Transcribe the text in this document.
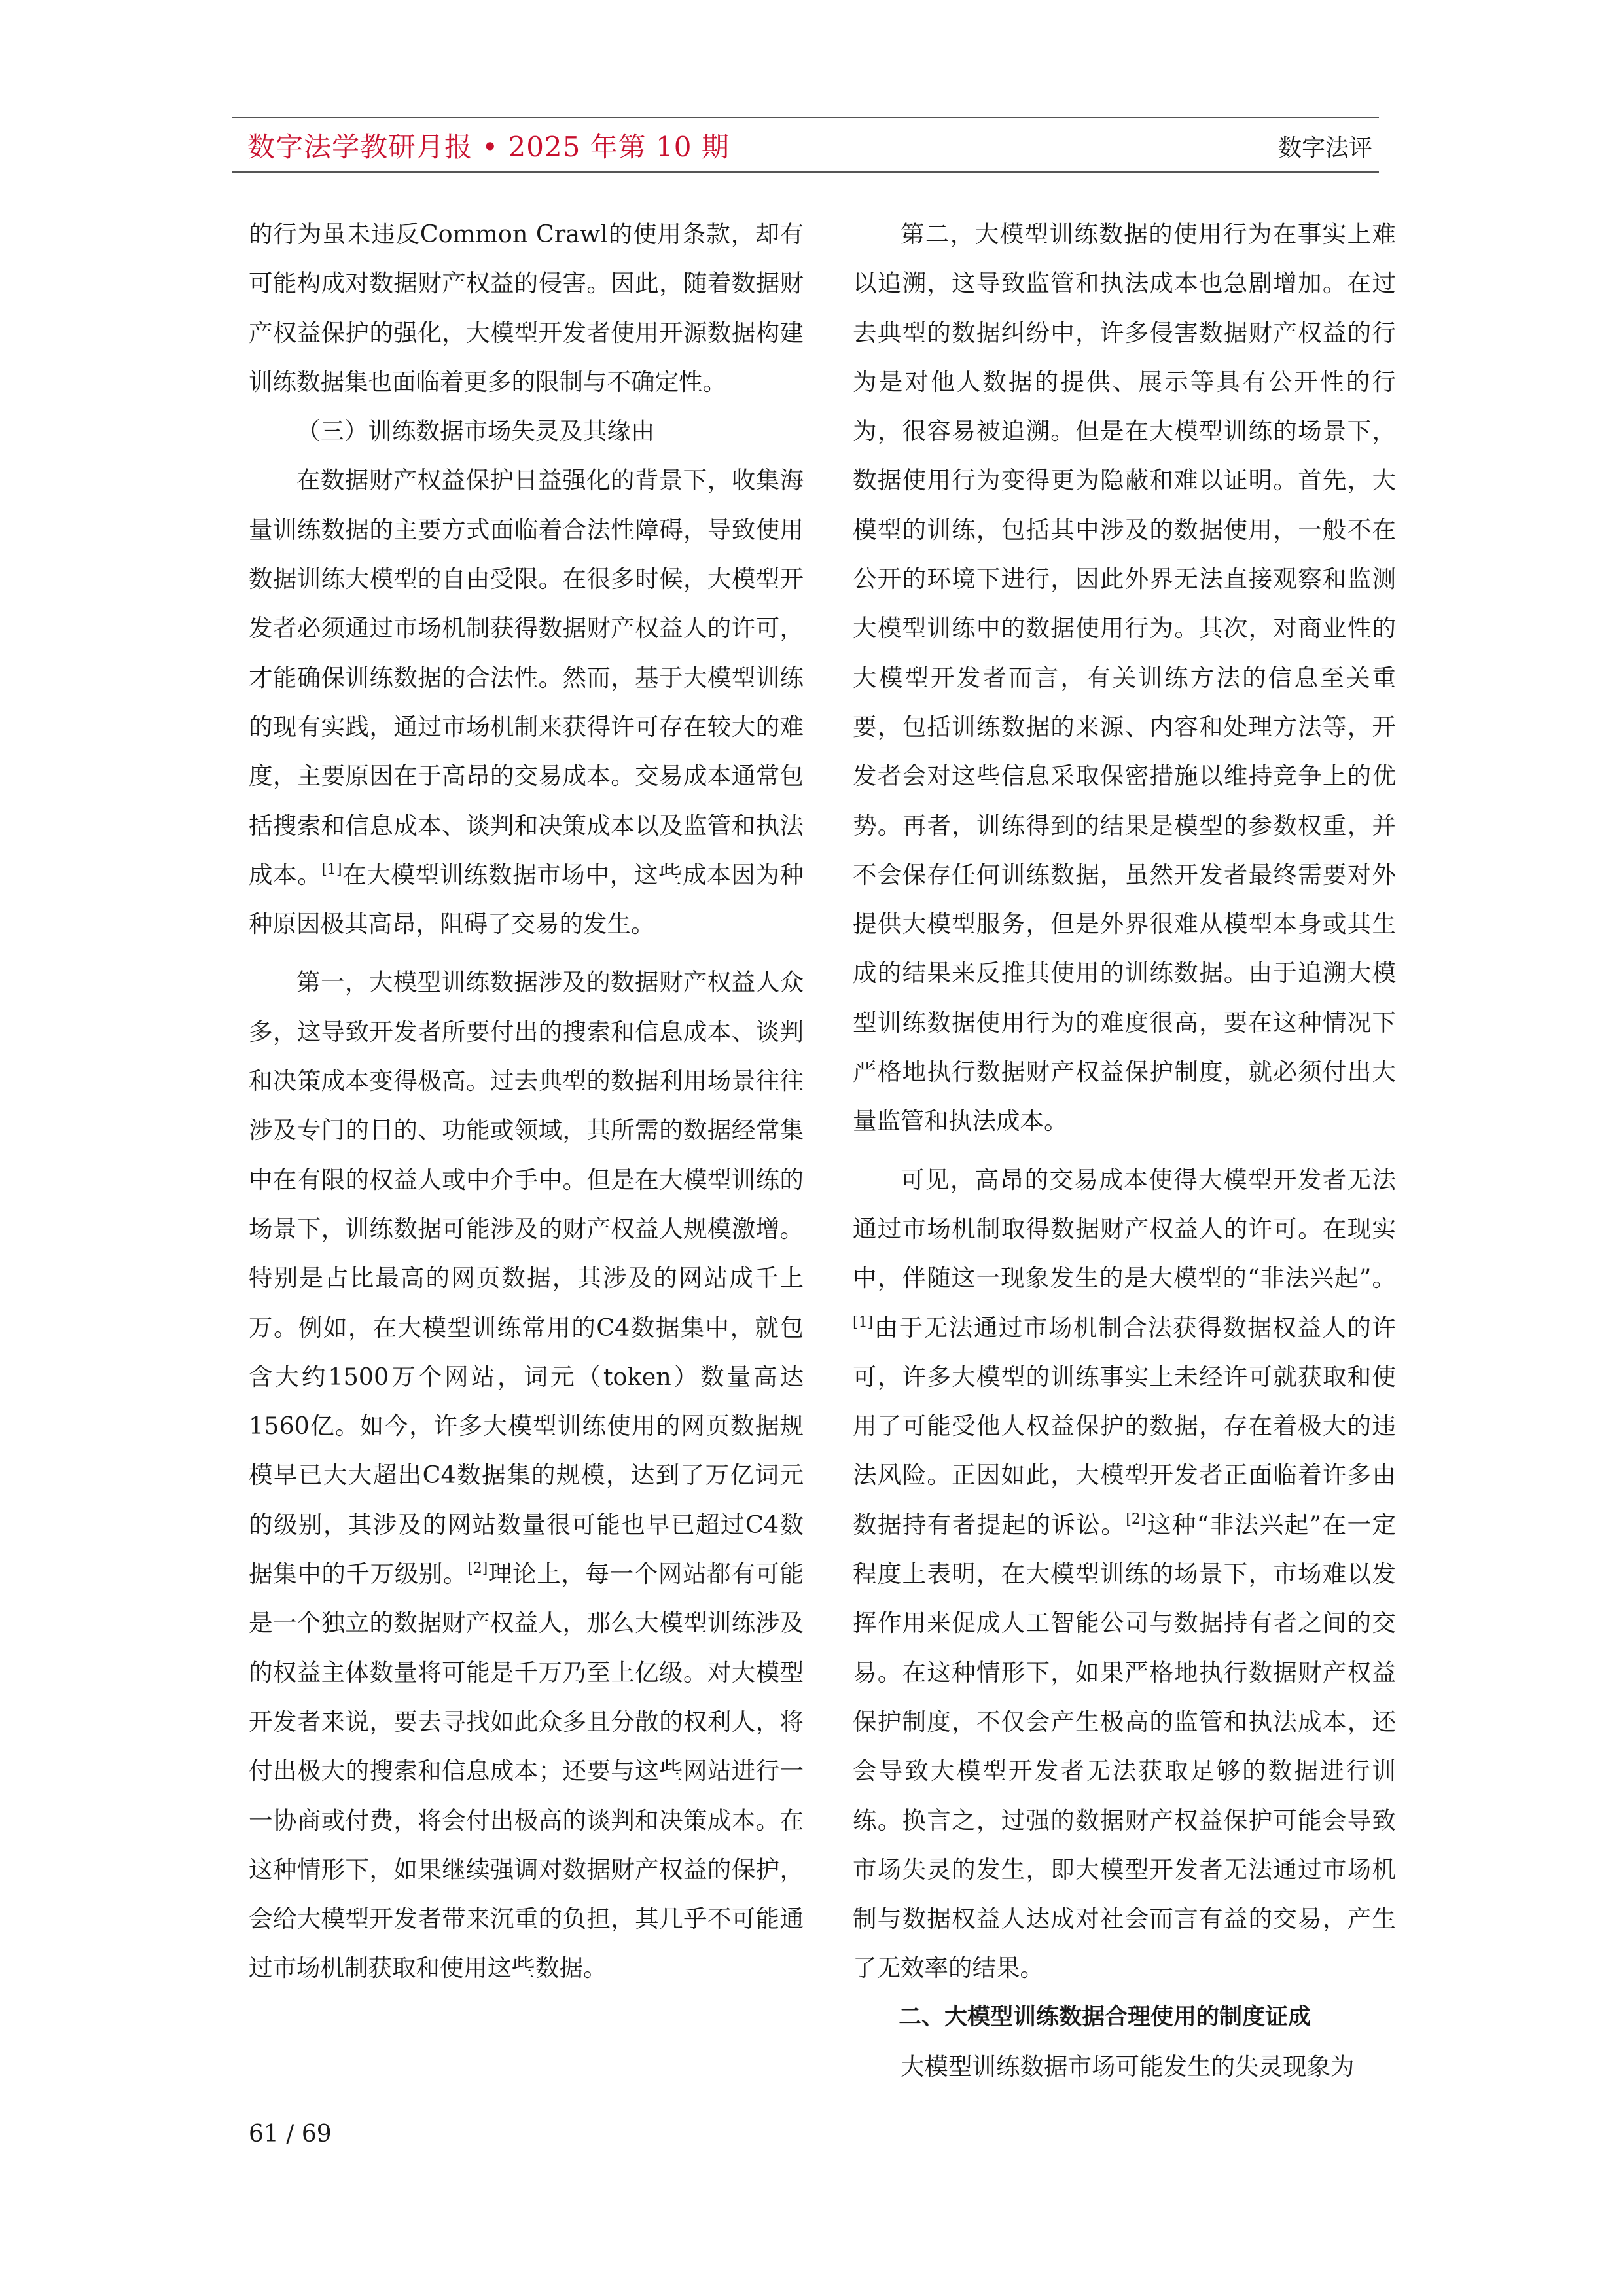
数字法学教研月报 • 2025 年第 10 期	数字法评

的行为虽未违反Common Crawl的使用条款，却有可能构成对数据财产权益的侵害。因此，随着数据财产权益保护的强化，大模型开发者使用开源数据构建训练数据集也面临着更多的限制与不确定性。

（三）训练数据市场失灵及其缘由

在数据财产权益保护日益强化的背景下，收集海量训练数据的主要方式面临着合法性障碍，导致使用数据训练大模型的自由受限。在很多时候，大模型开发者必须通过市场机制获得数据财产权益人的许可，才能确保训练数据的合法性。然而，基于大模型训练的现有实践，通过市场机制来获得许可存在较大的难度，主要原因在于高昂的交易成本。交易成本通常包括搜索和信息成本、谈判和决策成本以及监管和执法成本。[1]在大模型训练数据市场中，这些成本因为种种原因极其高昂，阻碍了交易的发生。

第一，大模型训练数据涉及的数据财产权益人众多，这导致开发者所要付出的搜索和信息成本、谈判和决策成本变得极高。过去典型的数据利用场景往往涉及专门的目的、功能或领域，其所需的数据经常集中在有限的权益人或中介手中。但是在大模型训练的场景下，训练数据可能涉及的财产权益人规模激增。特别是占比最高的网页数据，其涉及的网站成千上万。例如，在大模型训练常用的C4数据集中，就包含大约1500万个网站，词元（token）数量高达1560亿。如今，许多大模型训练使用的网页数据规模早已大大超出C4数据集的规模，达到了万亿词元的级别，其涉及的网站数量很可能也早已超过C4数据集中的千万级别。[2]理论上，每一个网站都有可能是一个独立的数据财产权益人，那么大模型训练涉及的权益主体数量将可能是千万乃至上亿级。对大模型开发者来说，要去寻找如此众多且分散的权利人，将付出极大的搜索和信息成本；还要与这些网站进行一一协商或付费，将会付出极高的谈判和决策成本。在这种情形下，如果继续强调对数据财产权益的保护，会给大模型开发者带来沉重的负担，其几乎不可能通过市场机制获取和使用这些数据。

第二，大模型训练数据的使用行为在事实上难以追溯，这导致监管和执法成本也急剧增加。在过去典型的数据纠纷中，许多侵害数据财产权益的行为是对他人数据的提供、展示等具有公开性的行为，很容易被追溯。但是在大模型训练的场景下，数据使用行为变得更为隐蔽和难以证明。首先，大模型的训练，包括其中涉及的数据使用，一般不在公开的环境下进行，因此外界无法直接观察和监测大模型训练中的数据使用行为。其次，对商业性的大模型开发者而言，有关训练方法的信息至关重要，包括训练数据的来源、内容和处理方法等，开发者会对这些信息采取保密措施以维持竞争上的优势。再者，训练得到的结果是模型的参数权重，并不会保存任何训练数据，虽然开发者最终需要对外提供大模型服务，但是外界很难从模型本身或其生成的结果来反推其使用的训练数据。由于追溯大模型训练数据使用行为的难度很高，要在这种情况下严格地执行数据财产权益保护制度，就必须付出大量监管和执法成本。

可见，高昂的交易成本使得大模型开发者无法通过市场机制取得数据财产权益人的许可。在现实中，伴随这一现象发生的是大模型的“非法兴起”。[1]由于无法通过市场机制合法获得数据权益人的许可，许多大模型的训练事实上未经许可就获取和使用了可能受他人权益保护的数据，存在着极大的违法风险。正因如此，大模型开发者正面临着许多由数据持有者提起的诉讼。[2]这种“非法兴起”在一定程度上表明，在大模型训练的场景下，市场难以发挥作用来促成人工智能公司与数据持有者之间的交易。在这种情形下，如果严格地执行数据财产权益保护制度，不仅会产生极高的监管和执法成本，还会导致大模型开发者无法获取足够的数据进行训练。换言之，过强的数据财产权益保护可能会导致市场失灵的发生，即大模型开发者无法通过市场机制与数据权益人达成对社会而言有益的交易，产生了无效率的结果。

二、大模型训练数据合理使用的制度证成

大模型训练数据市场可能发生的失灵现象为

61 / 69
